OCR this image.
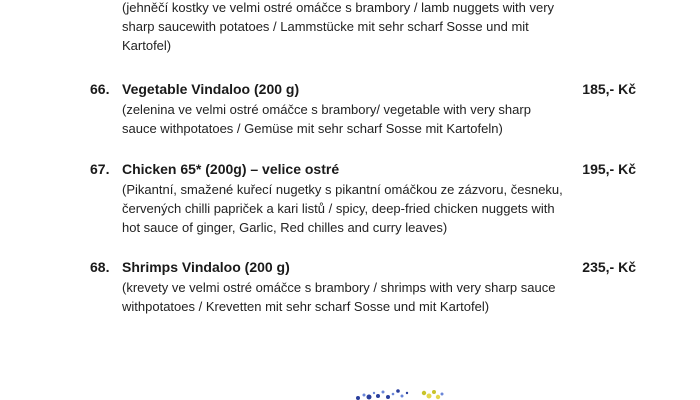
(jehněčí kostky ve velmi ostré omáčce s brambory / lamb nuggets with very
sharp saucewith potatoes / Lammstücke mit sehr scharf Sosse und mit
Kartofel)
66. Vegetable Vindaloo (200 g)	185,- Kč
(zelenina ve velmi ostré omáčce s brambory/ vegetable with very sharp
sauce withpotatoes / Gemüse mit sehr scharf Sosse mit Kartofeln)
67. Chicken 65* (200g) – velice ostré	195,- Kč
(Pikantní, smažené kuřecí nugetky s pikantní omáčkou ze zázvoru, česneku,
červených chilli papriček a kari listů / spicy, deep-fried chicken nuggets with
hot sauce of ginger, Garlic, Red chilles and curry leaves)
68. Shrimps Vindaloo (200 g)	235,- Kč
(krevety ve velmi ostré omáčce s brambory / shrimps with very sharp sauce
withpotatoes / Krevetten mit sehr scharf Sosse und mit Kartofel)
